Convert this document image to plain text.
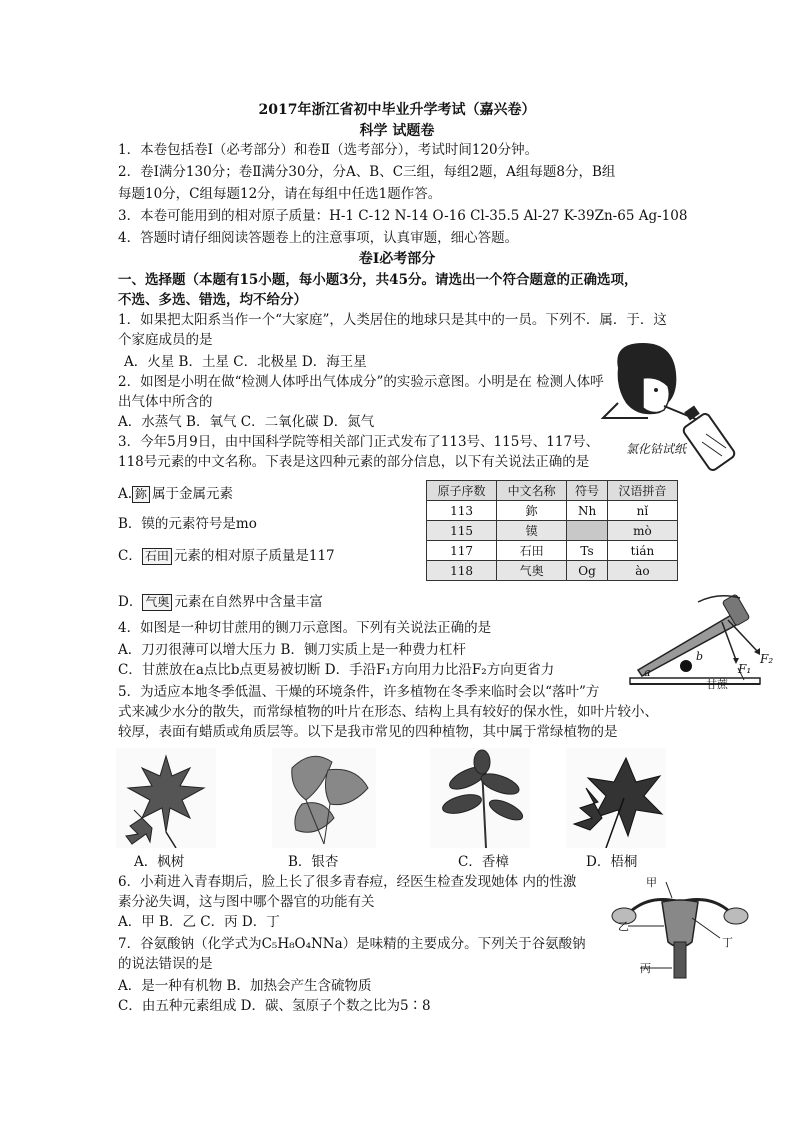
2017年浙江省初中毕业升学考试（嘉兴卷）
科学 试题卷
1．本卷包括卷Ⅰ（必考部分）和卷Ⅱ（选考部分），考试时间120分钟。
2．卷Ⅰ满分130分；卷Ⅱ满分30分，分A、B、C三组，每组2题，A组每题8分，B组
每题10分，C组每题12分，请在每组中任选1题作答。
3．本卷可能用到的相对原子质量：H-1 C-12 N-14 O-16 Cl-35.5 Al-27 K-39Zn-65 Ag-108
4．答题时请仔细阅读答题卷上的注意事项，认真审题，细心答题。
卷Ⅰ必考部分
一、选择题（本题有15小题，每小题3分，共45分。请选出一个符合题意的正确选项，
不选、多选、错选，均不给分）
1．如果把太阳系当作一个“大家庭”，人类居住的地球只是其中的一员。下列不．属．于．这
个家庭成员的是
A．火星 B．土星 C．北极星 D．海王星
2．如图是小明在做“检测人体呼出气体成分”的实验示意图。小明是在 检测人体呼
出气体中所含的
A．水蒸气 B．氧气 C．二氧化碳 D．氮气
氯化钴试纸
3．今年5月9日，由中国科学院等相关部门正式发布了113号、115号、117号、
118号元素的中文名称。下表是这四种元素的部分信息，以下有关说法正确的是
A. 鉨 属于金属元素
B．镆的元素符号是mo
C． 石田 元素的相对原子质量是117
D． 气奥 元素在自然界中含量丰富
原子序数	中文名称	符号	汉语拼音
113	鉨	Nh	nǐ
115	镆		mò
117	石田	Ts	tián
118	气奥	Og	ào
4．如图是一种切甘蔗用的铡刀示意图。下列有关说法正确的是
A．刀刃很薄可以增大压力 B．铡刀实质上是一种费力杠杆
C．甘蔗放在a点比b点更易被切断 D．手沿F₁方向用力比沿F₂方向更省力	a
b
F₁
F₂
甘蔗
5．为适应本地冬季低温、干燥的环境条件，许多植物在冬季来临时会以“落叶”方
式来减少水分的散失，而常绿植物的叶片在形态、结构上具有较好的保水性，如叶片较小、
较厚，表面有蜡质或角质层等。以下是我市常见的四种植物，其中属于常绿植物的是
A．枫树	B．银杏	C．香樟	D．梧桐
6．小莉进入青春期后，脸上长了很多青春痘，经医生检查发现她体 内的性激
素分泌失调，这与图中哪个器官的功能有关
A．甲 B．乙 C．丙 D．丁
甲
乙
丁
丙
7．谷氨酸钠（化学式为C₅H₈O₄NNa）是味精的主要成分。下列关于谷氨酸钠
的说法错误的是
A．是一种有机物 B．加热会产生含硫物质
C．由五种元素组成 D．碳、氢原子个数之比为5∶8
